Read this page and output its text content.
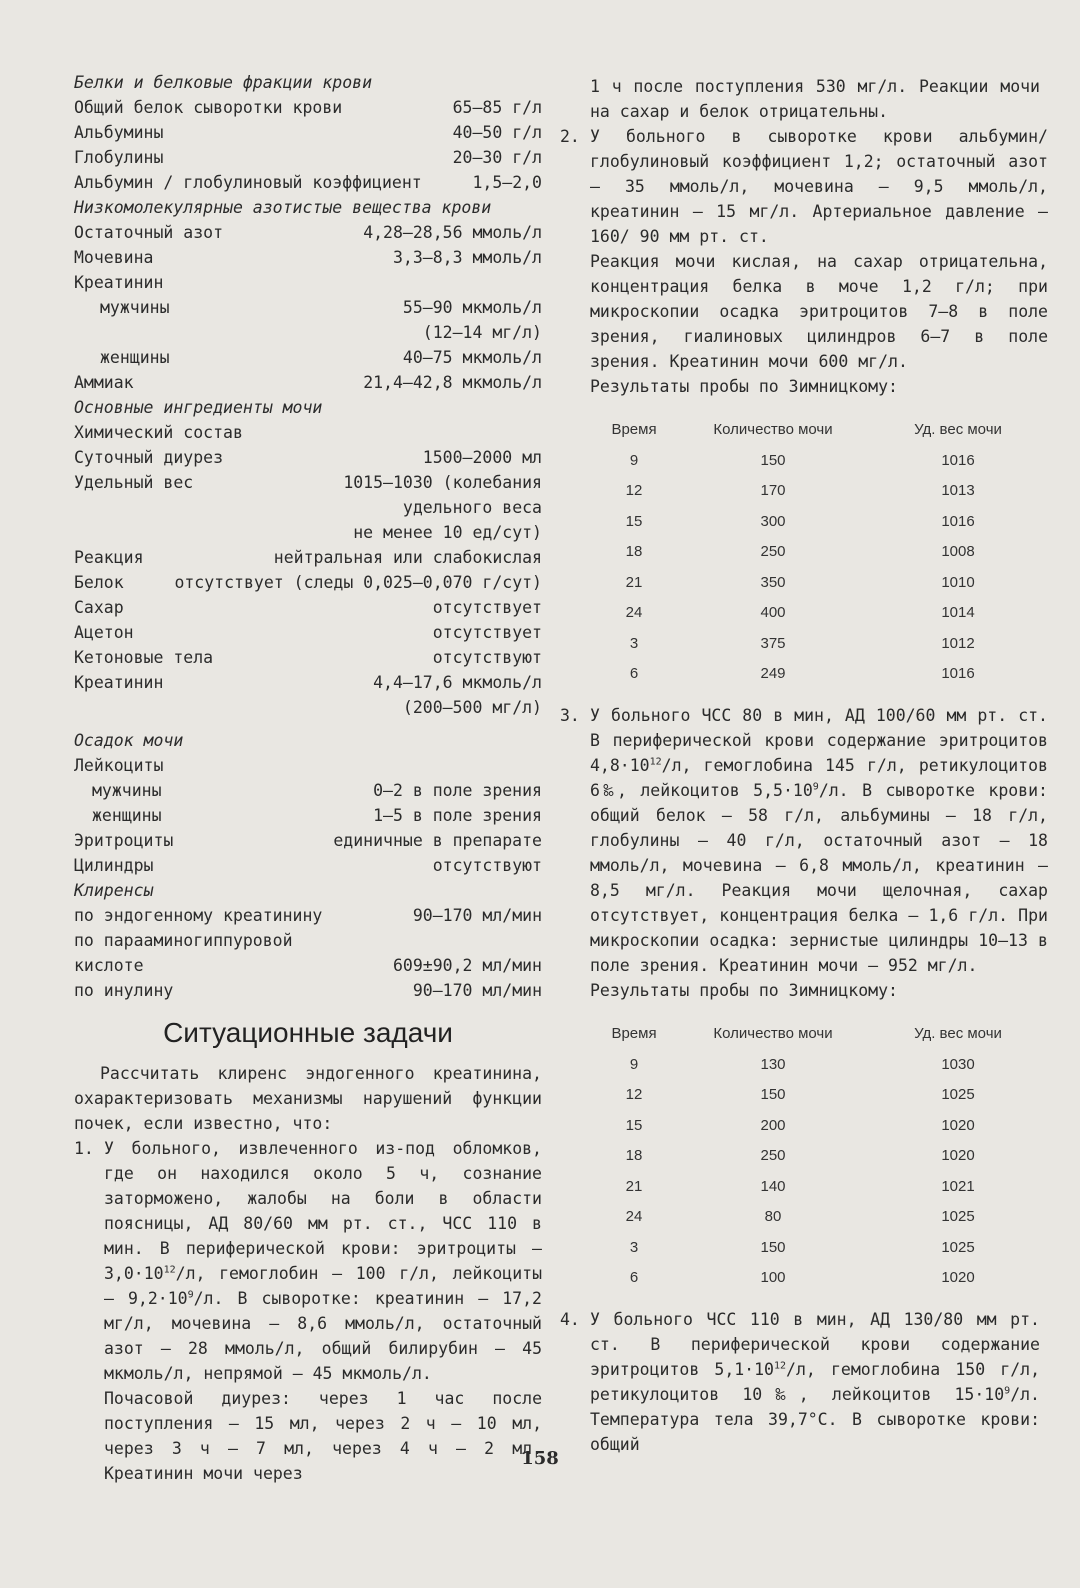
Белки и белковые фракции крови
Общий белок сыворотки крови	65–85 г/л
Альбумины	40–50 г/л
Глобулины	20–30 г/л
Альбумин / глобулиновый коэффициент	1,5–2,0
Низкомолекулярные азотистые вещества крови
Остаточный азот	4,28–28,56 ммоль/л
Мочевина	3,3–8,3 ммоль/л
Креатинин
мужчины	55–90 мкмоль/л
(12–14 мг/л)
женщины	40–75 мкмоль/л
Аммиак	21,4–42,8 мкмоль/л
Основные ингредиенты мочи
Химический состав
Суточный диурез	1500–2000 мл
Удельный вес	1015–1030 (колебания
удельного веса
не менее 10 ед/сут)
Реакция	нейтральная или слабокислая
Белок	отсутствует (следы 0,025–0,070 г/сут)
Сахар	отсутствует
Ацетон	отсутствует
Кетоновые тела	отсутствуют
Креатинин	4,4–17,6 мкмоль/л
(200–500 мг/л)
Осадок мочи
Лейкоциты
мужчины	0–2 в поле зрения
женщины	1–5 в поле зрения
Эритроциты	единичные в препарате
Цилиндры	отсутствуют
Клиренсы
по эндогенному креатинину	90–170 мл/мин
по парааминогиппуровой
кислоте	609±90,2 мл/мин
по инулину	90–170 мл/мин
Ситуационные задачи
Рассчитать клиренс эндогенного креатинина, охарактеризовать механизмы нарушений функции почек, если известно, что:
1. У больного, извлеченного из-под обломков, где он находился около 5 ч, сознание заторможено, жалобы на боли в области поясницы, АД 80/60 мм рт. ст., ЧСС 110 в мин. В периферической крови: эритроциты — $3,0\cdot 10^{12}/л$, гемоглобин — 100 г/л, лейкоциты — $9,2\cdot 10^9/л$. В сыворотке: креатинин — 17,2 мг/л, мочевина — 8,6 ммоль/л, остаточный азот — 28 ммоль/л, общий билирубин — 45 мкмоль/л, непрямой — 45 мкмоль/л.

Почасовой диурез: через 1 час после поступления — 15 мл, через 2 ч — 10 мл, через 3 ч — 7 мл, через 4 ч — 2 мл. Креатинин мочи через

1 ч после поступления 530 мг/л. Реакции мочи на сахар и белок отрицательны.

2. У больного в сыворотке крови альбумин/глобулиновый коэффициент 1,2; остаточный азот — 35 ммоль/л, мочевина — 9,5 ммоль/л, креатинин — 15 мг/л. Артериальное давление — 160/ 90 мм рт. ст.

Реакция мочи кислая, на сахар отрицательна, концентрация белка в моче 1,2 г/л; при микроскопии осадка эритроцитов 7–8 в поле зрения, гиалиновых цилиндров 6–7 в поле зрения. Креатинин мочи 600 мг/л.

Результаты пробы по Зимницкому:

Время	Количество мочи	Уд. вес мочи
9	150	1016
12	170	1013
15	300	1016
18	250	1008
21	350	1010
24	400	1014
3	375	1012
6	249	1016
3. У больного ЧСС 80 в мин, АД 100/60 мм рт. ст. В периферической крови содержание эритроцитов $4,8\cdot 10^{12}/л$, гемоглобина 145 г/л, ретикулоцитов 6‰, лейкоцитов $5,5\cdot 10^9/л$. В сыворотке крови: общий белок — 58 г/л, альбумины — 18 г/л, глобулины — 40 г/л, остаточный азот — 18 ммоль/л, мочевина — 6,8 ммоль/л, креатинин — 8,5 мг/л. Реакция мочи щелочная, сахар отсутствует, концентрация белка — 1,6 г/л. При микроскопии осадка: зернистые цилиндры 10–13 в поле зрения. Креатинин мочи — 952 мг/л.

Результаты пробы по Зимницкому:

Время	Количество мочи	Уд. вес мочи
9	130	1030
12	150	1025
15	200	1020
18	250	1020
21	140	1021
24	80	1025
3	150	1025
6	100	1020
4. У больного ЧСС 110 в мин, АД 130/80 мм рт. ст. В периферической крови содержание эритроцитов $5,1\cdot 10^{12}/л$, гемоглобина 150 г/л, ретикулоцитов 10‰, лейкоцитов $15\cdot 10^9/л$. Температура тела 39,7°С. В сыворотке крови: общий

158
